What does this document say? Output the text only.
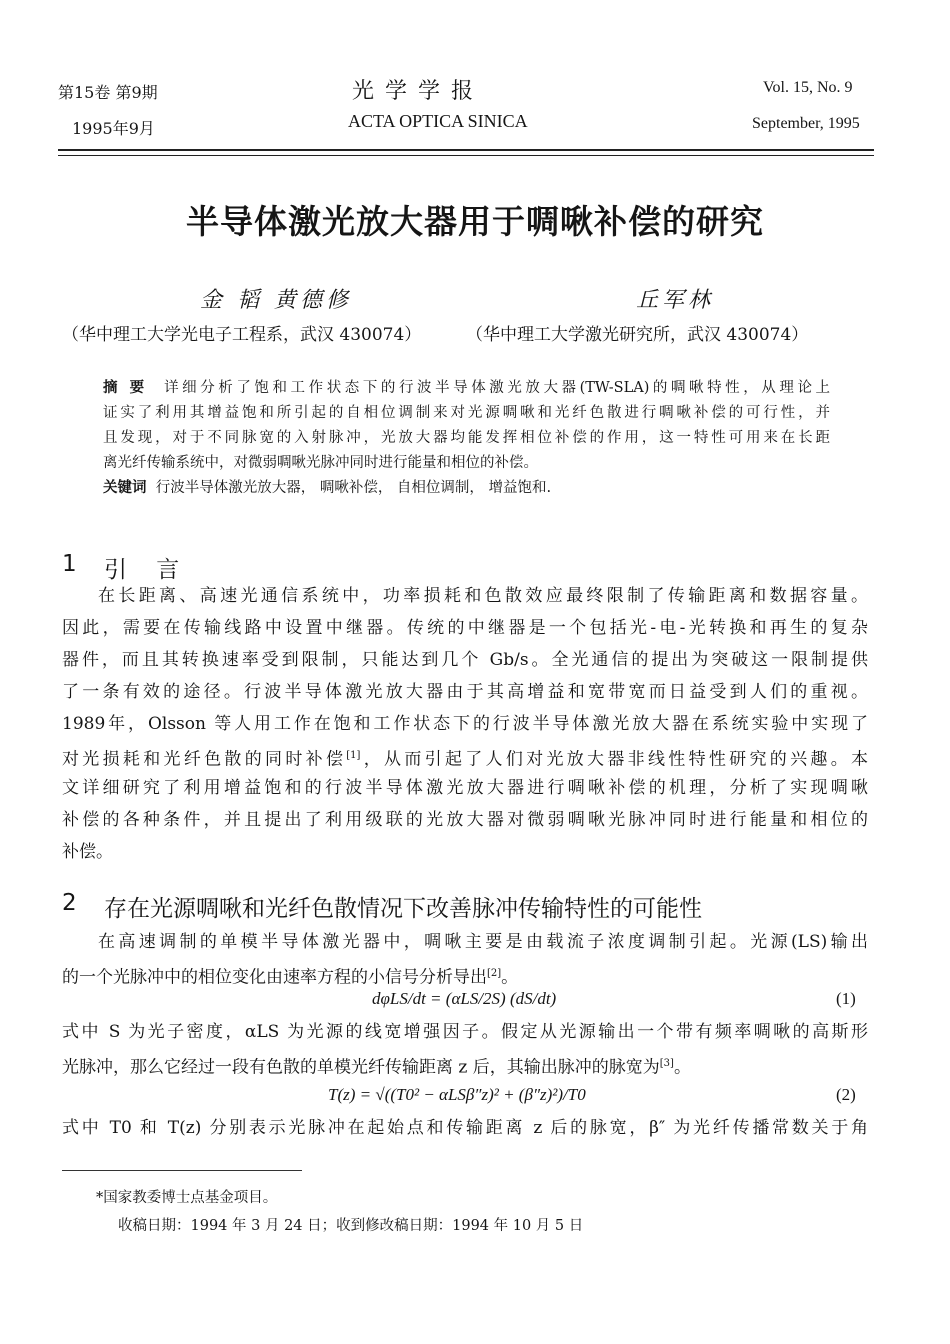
第15卷 第9期
1995年9月
光 学 学 报
ACTA OPTICA SINICA
Vol. 15, No. 9
September, 1995
半导体激光放大器用于啁啾补偿的研究
金 韬 黄德修	丘军林
（华中理工大学光电子工程系，武汉 430074）	（华中理工大学激光研究所，武汉 430074）
摘 要 详细分析了饱和工作状态下的行波半导体激光放大器(TW-SLA)的啁啾特性，从理论上
证实了利用其增益饱和所引起的自相位调制来对光源啁啾和光纤色散进行啁啾补偿的可行性，并
且发现，对于不同脉宽的入射脉冲，光放大器均能发挥相位补偿的作用，这一特性可用来在长距
离光纤传输系统中，对微弱啁啾光脉冲同时进行能量和相位的补偿。
关键词 行波半导体激光放大器， 啁啾补偿， 自相位调制， 增益饱和.
1 引    言
在长距离、高速光通信系统中，功率损耗和色散效应最终限制了传输距离和数据容量。
因此，需要在传输线路中设置中继器。传统的中继器是一个包括光-电-光转换和再生的复杂
器件，而且其转换速率受到限制，只能达到几个 Gb/s。全光通信的提出为突破这一限制提供
了一条有效的途径。行波半导体激光放大器由于其高增益和宽带宽而日益受到人们的重视。
1989年，Olsson 等人用工作在饱和工作状态下的行波半导体激光放大器在系统实验中实现了
对光损耗和光纤色散的同时补偿[1]，从而引起了人们对光放大器非线性特性研究的兴趣。本
文详细研究了利用增益饱和的行波半导体激光放大器进行啁啾补偿的机理，分析了实现啁啾
补偿的各种条件，并且提出了利用级联的光放大器对微弱啁啾光脉冲同时进行能量和相位的
补偿。
2 存在光源啁啾和光纤色散情况下改善脉冲传输特性的可能性
在高速调制的单模半导体激光器中，啁啾主要是由载流子浓度调制引起。光源(LS)输出
的一个光脉冲中的相位变化由速率方程的小信号分析导出[2]。
dφLS/dt = (αLS/2S) (dS/dt)	(1)
式中 S 为光子密度，αLS 为光源的线宽增强因子。假定从光源输出一个带有频率啁啾的高斯形
光脉冲，那么它经过一段有色散的单模光纤传输距离 z 后，其输出脉冲的脉宽为[3]。
T(z) = √((T0² − αLSβ″z)² + (β″z)²)/T0	(2)
式中 T0 和 T(z) 分别表示光脉冲在起始点和传输距离 z 后的脉宽，β″ 为光纤传播常数关于角
*国家教委博士点基金项目。
收稿日期：1994 年 3 月 24 日；收到修改稿日期：1994 年 10 月 5 日
